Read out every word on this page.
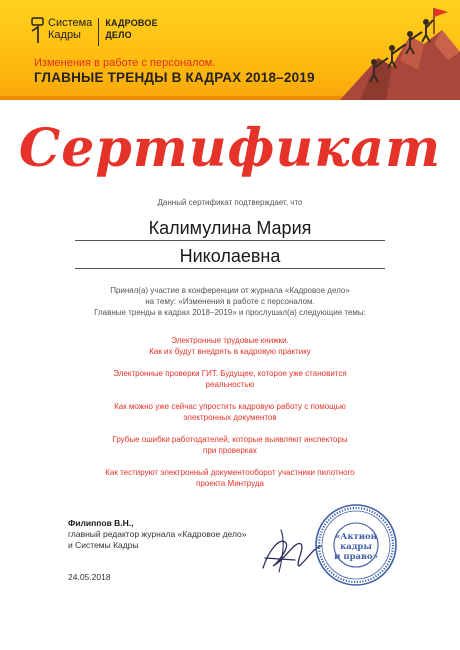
Система
Кадры
КАДРОВОЕ
ДЕЛО
Изменения в работе с персоналом.
ГЛАВНЫЕ ТРЕНДЫ В КАДРАХ 2018–2019
Сертификат
Данный сертификат подтверждает, что
Калимулина Мария
Николаевна
Принял(а) участие в конференции от журнала «Кадровое дело»
на тему: «Изменения в работе с персоналом.
Главные тренды в кадрах 2018–2019» и прослушал(а) следующие темы:
Электронные трудовые книжки.
Как их будут внедрять в кадровую практику
Электронные проверки ГИТ. Будущее, которое уже становится
реальностью
Как можно уже сейчас упростить кадровую работу с помощью
электронных документов
Грубые ошибки работодателей, которые выявляют инспекторы
при проверках
Как тестируют электронный документооборот участники пилотного
проекта Минтруда
Филиппов В.Н.,
главный редактор журнала «Кадровое дело»
и Системы Кадры
24.05.2018
«Актион
кадры
и право»
